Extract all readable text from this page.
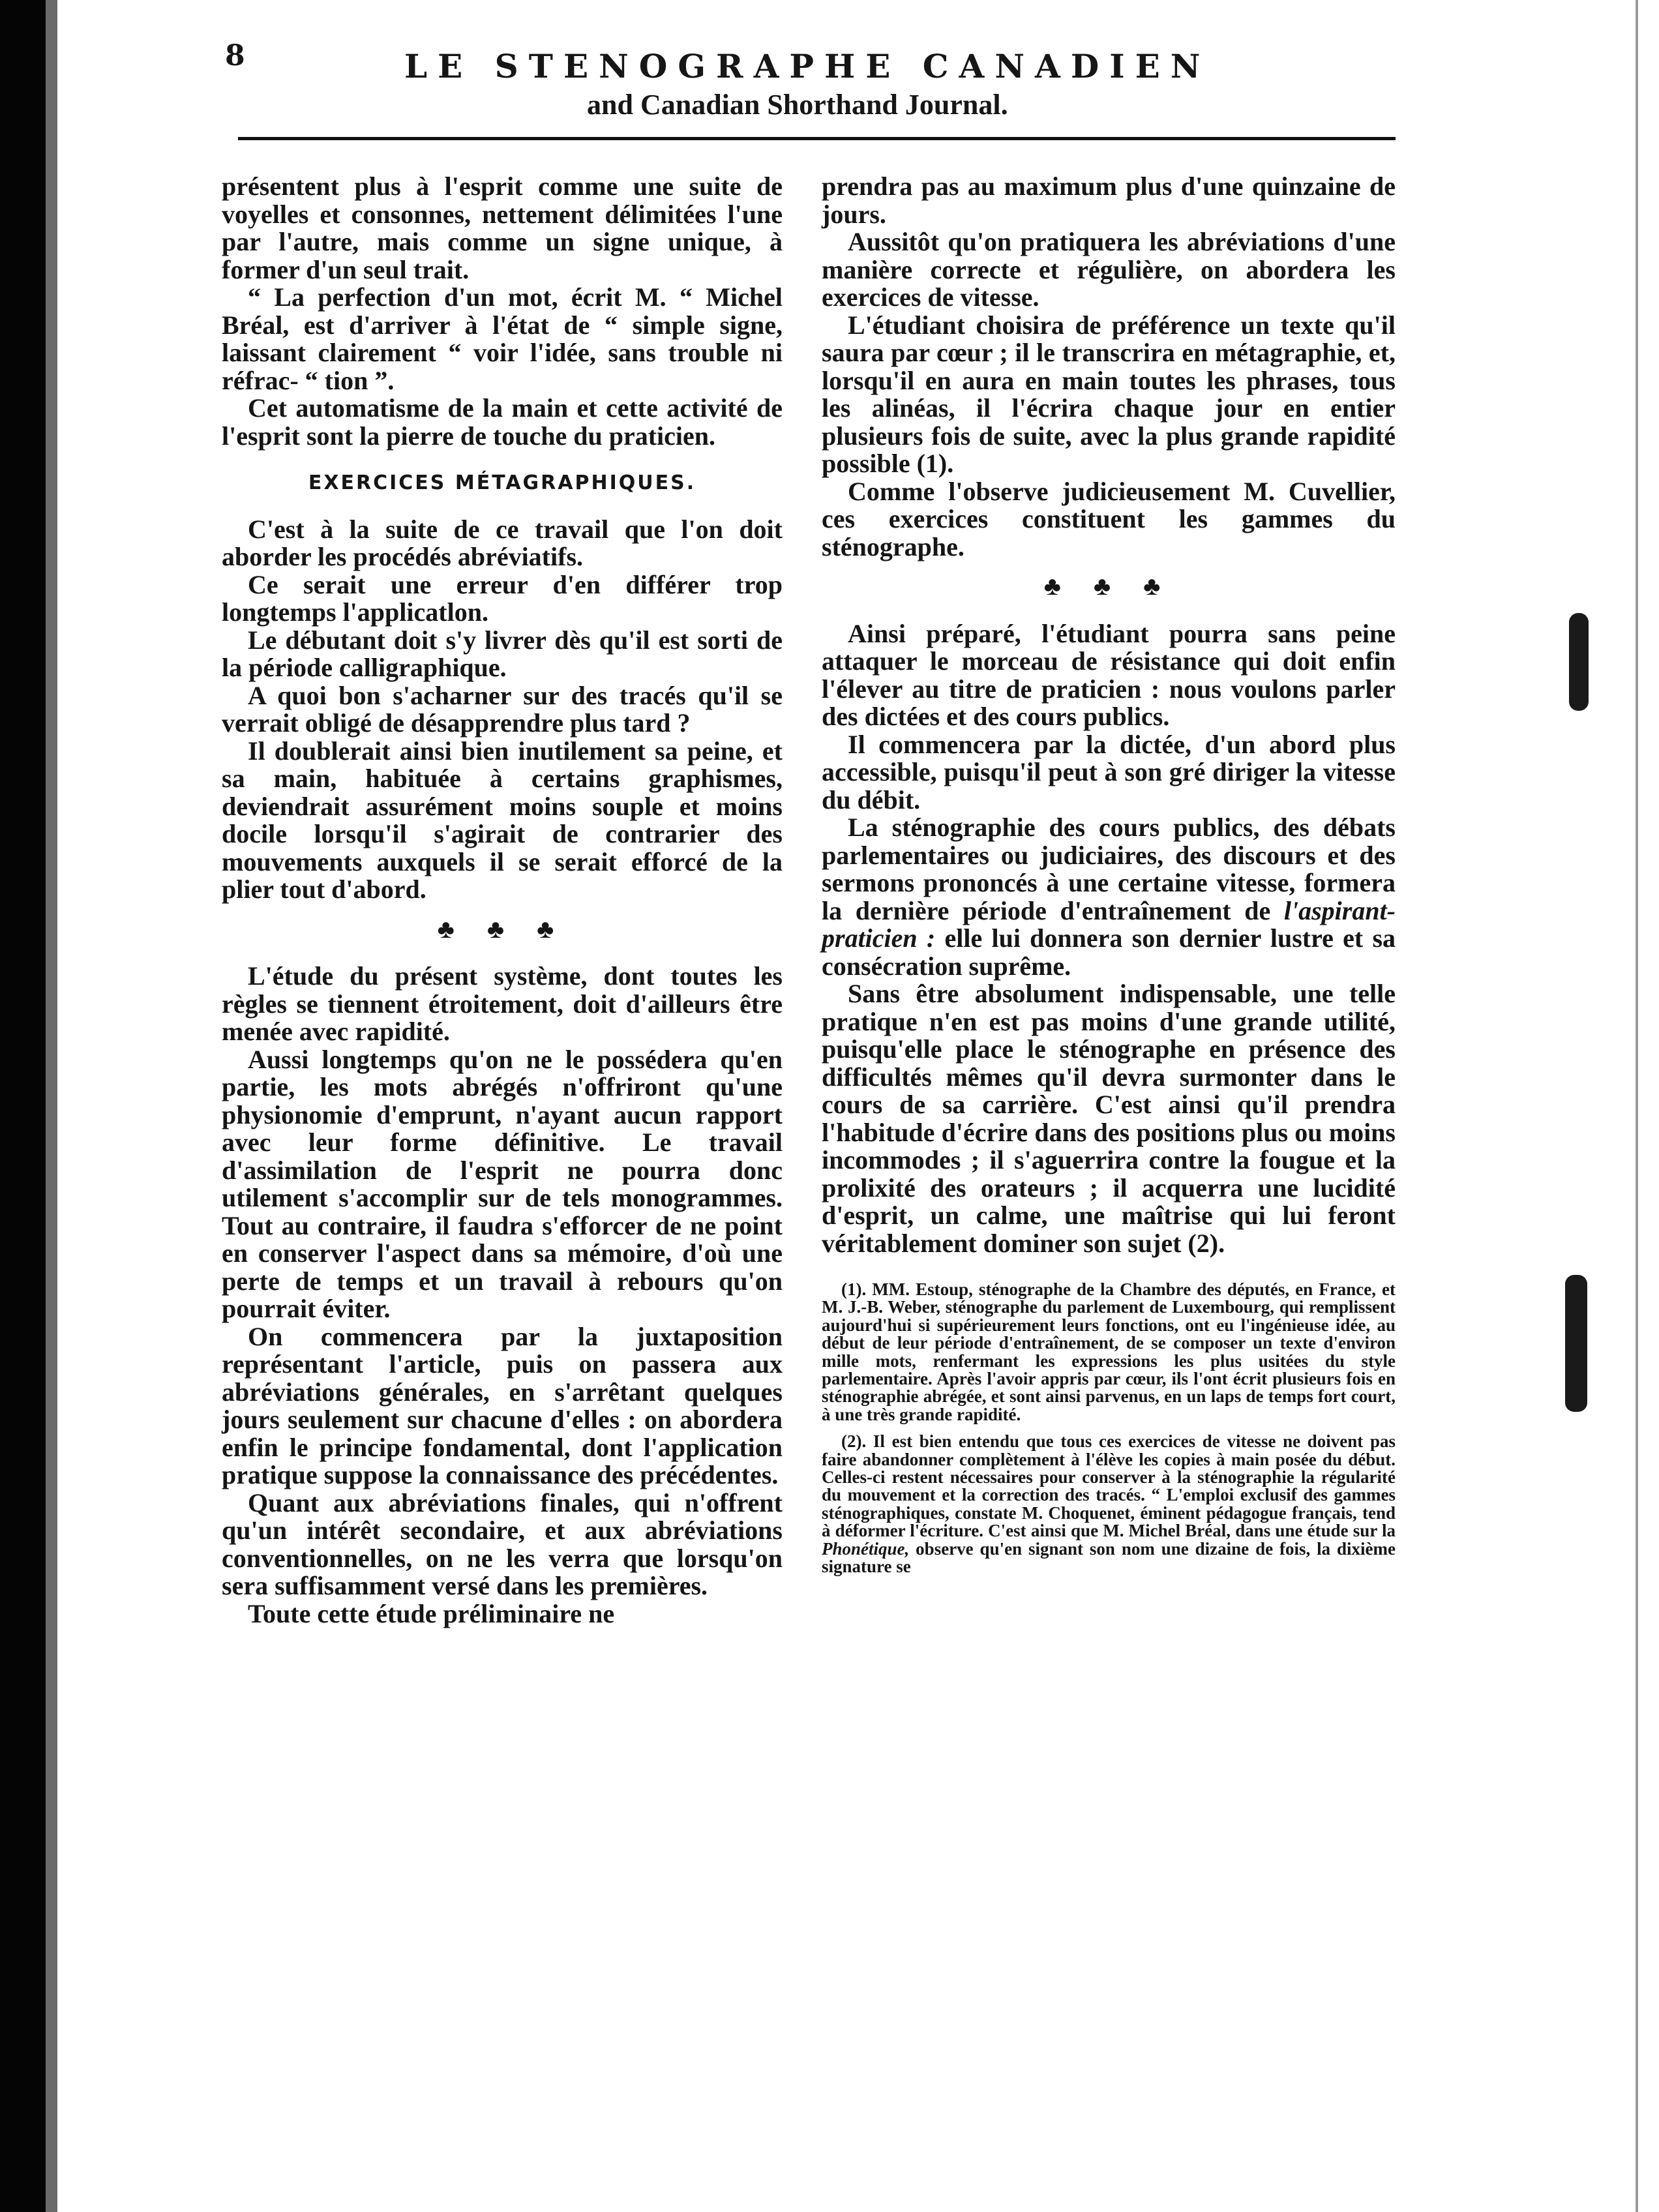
8	LE STENOGRAPHE CANADIEN
and Canadian Shorthand Journal.

présentent plus à l'esprit comme une suite de voyelles et consonnes, nettement délimitées l'une par l'autre, mais comme un signe unique, à former d'un seul trait.

“ La perfection d'un mot, écrit M. “ Michel Bréal, est d'arriver à l'état de “ simple signe, laissant clairement “ voir l'idée, sans trouble ni réfrac- “ tion ”.

Cet automatisme de la main et cette activité de l'esprit sont la pierre de touche du praticien.

EXERCICES MÉTAGRAPHIQUES.

C'est à la suite de ce travail que l'on doit aborder les procédés abréviatifs.

Ce serait une erreur d'en différer trop longtemps l'applicatlon.

Le débutant doit s'y livrer dès qu'il est sorti de la période calligraphique.

A quoi bon s'acharner sur des tracés qu'il se verrait obligé de désapprendre plus tard ?

Il doublerait ainsi bien inutilement sa peine, et sa main, habituée à certains graphismes, deviendrait assurément moins souple et moins docile lorsqu'il s'agirait de contrarier des mouvements auxquels il se serait efforcé de la plier tout d'abord.

♣ ♣ ♣

L'étude du présent système, dont toutes les règles se tiennent étroitement, doit d'ailleurs être menée avec rapidité.

Aussi longtemps qu'on ne le possédera qu'en partie, les mots abrégés n'offriront qu'une physionomie d'emprunt, n'ayant aucun rapport avec leur forme définitive. Le travail d'assimilation de l'esprit ne pourra donc utilement s'accomplir sur de tels monogrammes. Tout au contraire, il faudra s'efforcer de ne point en conserver l'aspect dans sa mémoire, d'où une perte de temps et un travail à rebours qu'on pourrait éviter.

On commencera par la juxtaposition représentant l'article, puis on passera aux abréviations générales, en s'arrêtant quelques jours seulement sur chacune d'elles : on abordera enfin le principe fondamental, dont l'application pratique suppose la connaissance des précédentes.

Quant aux abréviations finales, qui n'offrent qu'un intérêt secondaire, et aux abréviations conventionnelles, on ne les verra que lorsqu'on sera suffisamment versé dans les premières.

Toute cette étude préliminaire ne

prendra pas au maximum plus d'une quinzaine de jours.

Aussitôt qu'on pratiquera les abréviations d'une manière correcte et régulière, on abordera les exercices de vitesse.

L'étudiant choisira de préférence un texte qu'il saura par cœur ; il le transcrira en métagraphie, et, lorsqu'il en aura en main toutes les phrases, tous les alinéas, il l'écrira chaque jour en entier plusieurs fois de suite, avec la plus grande rapidité possible (1).

Comme l'observe judicieusement M. Cuvellier, ces exercices constituent les gammes du sténographe.

♣ ♣ ♣

Ainsi préparé, l'étudiant pourra sans peine attaquer le morceau de résistance qui doit enfin l'élever au titre de praticien : nous voulons parler des dictées et des cours publics.

Il commencera par la dictée, d'un abord plus accessible, puisqu'il peut à son gré diriger la vitesse du débit.

La sténographie des cours publics, des débats parlementaires ou judiciaires, des discours et des sermons prononcés à une certaine vitesse, formera la dernière période d'entraînement de l'aspirant-praticien : elle lui donnera son dernier lustre et sa consécration suprême.

Sans être absolument indispensable, une telle pratique n'en est pas moins d'une grande utilité, puisqu'elle place le sténographe en présence des difficultés mêmes qu'il devra surmonter dans le cours de sa carrière. C'est ainsi qu'il prendra l'habitude d'écrire dans des positions plus ou moins incommodes ; il s'aguerrira contre la fougue et la prolixité des orateurs ; il acquerra une lucidité d'esprit, un calme, une maîtrise qui lui feront véritablement dominer son sujet (2).

(1). MM. Estoup, sténographe de la Chambre des députés, en France, et M. J.-B. Weber, sténographe du parlement de Luxembourg, qui remplissent aujourd'hui si supérieurement leurs fonctions, ont eu l'ingénieuse idée, au début de leur période d'entraînement, de se composer un texte d'environ mille mots, renfermant les expressions les plus usitées du style parlementaire. Après l'avoir appris par cœur, ils l'ont écrit plusieurs fois en sténographie abrégée, et sont ainsi parvenus, en un laps de temps fort court, à une très grande rapidité.

(2). Il est bien entendu que tous ces exercices de vitesse ne doivent pas faire abandonner complètement à l'élève les copies à main posée du début. Celles-ci restent nécessaires pour conserver à la sténographie la régularité du mouvement et la correction des tracés. “ L'emploi exclusif des gammes sténographiques, constate M. Choquenet, éminent pédagogue français, tend à déformer l'écriture. C'est ainsi que M. Michel Bréal, dans une étude sur la Phonétique, observe qu'en signant son nom une dizaine de fois, la dixième signature se
